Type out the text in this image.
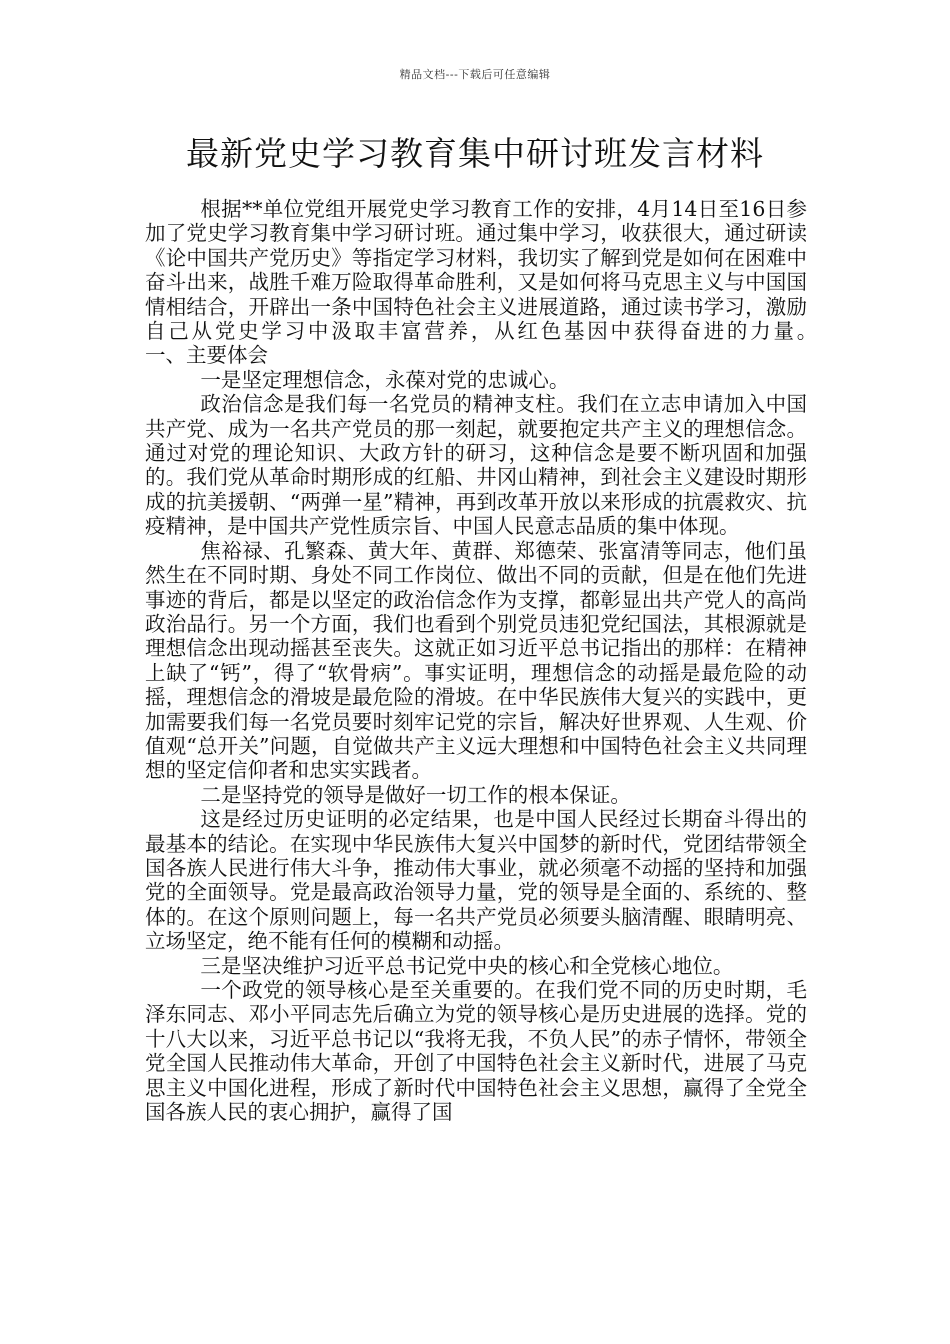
精品文档---下载后可任意编辑
最新党史学习教育集中研讨班发言材料

根据**单位党组开展党史学习教育工作的安排，4月14日至16日参加了党史学习教育集中学习研讨班。通过集中学习，收获很大，通过研读《论中国共产党历史》等指定学习材料，我切实了解到党是如何在困难中奋斗出来，战胜千难万险取得革命胜利，又是如何将马克思主义与中国国情相结合，开辟出一条中国特色社会主义进展道路，通过读书学习，激励自己从党史学习中汲取丰富营养，从红色基因中获得奋进的力量。　　一、主要体会

一是坚定理想信念，永葆对党的忠诚心。

政治信念是我们每一名党员的精神支柱。我们在立志申请加入中国共产党、成为一名共产党员的那一刻起，就要抱定共产主义的理想信念。通过对党的理论知识、大政方针的研习，这种信念是要不断巩固和加强的。我们党从革命时期形成的红船、井冈山精神，到社会主义建设时期形成的抗美援朝、“两弹一星”精神，再到改革开放以来形成的抗震救灾、抗疫精神，是中国共产党性质宗旨、中国人民意志品质的集中体现。

焦裕禄、孔繁森、黄大年、黄群、郑德荣、张富清等同志，他们虽然生在不同时期、身处不同工作岗位、做出不同的贡献，但是在他们先进事迹的背后，都是以坚定的政治信念作为支撑，都彰显出共产党人的高尚政治品行。另一个方面，我们也看到个别党员违犯党纪国法，其根源就是理想信念出现动摇甚至丧失。这就正如习近平总书记指出的那样：在精神上缺了“钙”，得了“软骨病”。事实证明，理想信念的动摇是最危险的动摇，理想信念的滑坡是最危险的滑坡。在中华民族伟大复兴的实践中，更加需要我们每一名党员要时刻牢记党的宗旨，解决好世界观、人生观、价值观“总开关”问题，自觉做共产主义远大理想和中国特色社会主义共同理想的坚定信仰者和忠实实践者。

二是坚持党的领导是做好一切工作的根本保证。

这是经过历史证明的必定结果，也是中国人民经过长期奋斗得出的最基本的结论。在实现中华民族伟大复兴中国梦的新时代，党团结带领全国各族人民进行伟大斗争，推动伟大事业，就必须毫不动摇的坚持和加强党的全面领导。党是最高政治领导力量，党的领导是全面的、系统的、整体的。在这个原则问题上，每一名共产党员必须要头脑清醒、眼睛明亮、立场坚定，绝不能有任何的模糊和动摇。

三是坚决维护习近平总书记党中央的核心和全党核心地位。

一个政党的领导核心是至关重要的。在我们党不同的历史时期，毛泽东同志、邓小平同志先后确立为党的领导核心是历史进展的选择。党的十八大以来，习近平总书记以“我将无我，不负人民”的赤子情怀，带领全党全国人民推动伟大革命，开创了中国特色社会主义新时代，进展了马克思主义中国化进程，形成了新时代中国特色社会主义思想，赢得了全党全国各族人民的衷心拥护，赢得了国
